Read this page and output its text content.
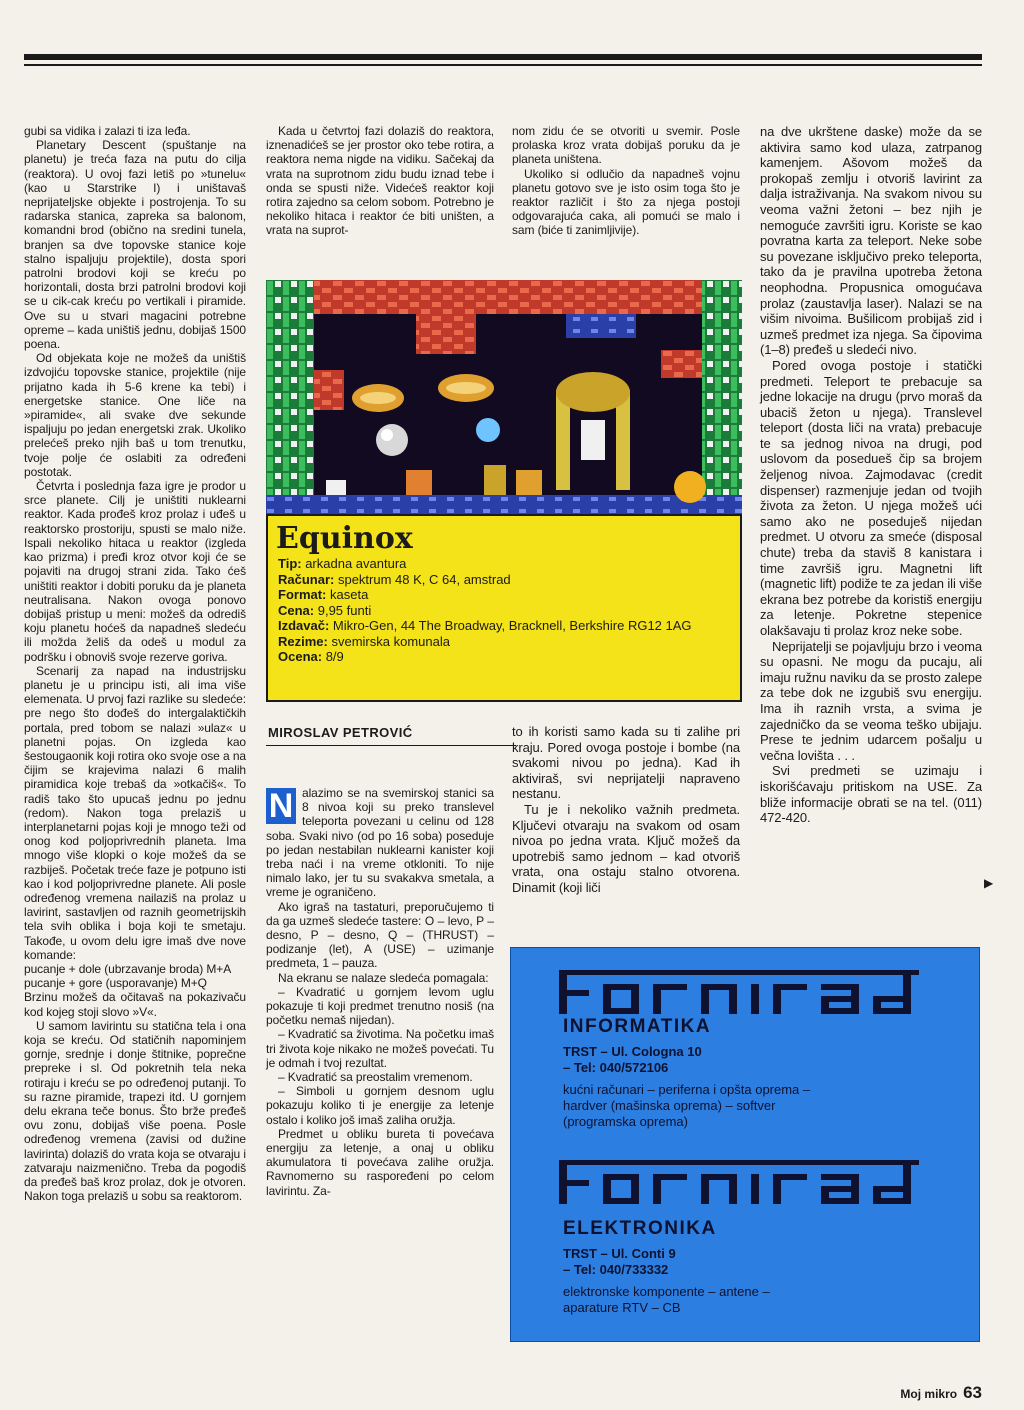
gubi sa vidika i zalazi ti iza leđa.

Planetary Descent (spuštanje na planetu) je treća faza na putu do cilja (reaktora). U ovoj fazi letiš po »tunelu« (kao u Starstrike I) i uništavaš neprijateljske objekte i postrojenja. To su radarska stanica, zapreka sa balonom, komandni brod (obično na sredini tunela, branjen sa dve topovske stanice koje stalno ispaljuju projektile), dosta spori patrolni brodovi koji se kreću po horizontali, dosta brzi patrolni brodovi koji se u cik-cak kreću po vertikali i piramide. Ove su u stvari magacini potrebne opreme – kada uništiš jednu, dobijaš 1500 poena.

Od objekata koje ne možeš da uništiš izdvojiću topovske stanice, projektile (nije prijatno kada ih 5-6 krene ka tebi) i energetske stanice. One liče na »piramide«, ali svake dve sekunde ispaljuju po jedan energetski zrak. Ukoliko prelećeš preko njih baš u tom trenutku, tvoje polje će oslabiti za određeni postotak.

Četvrta i poslednja faza igre je prodor u srce planete. Cilj je uništiti nuklearni reaktor. Kada prođeš kroz prolaz i uđeš u reaktorsko prostoriju, spusti se malo niže. Ispali nekoliko hitaca u reaktor (izgleda kao prizma) i pređi kroz otvor koji će se pojaviti na drugoj strani zida. Tako ćeš uništiti reaktor i dobiti poruku da je planeta neutralisana. Nakon ovoga ponovo dobijaš pristup u meni: možeš da odrediš koju planetu hoćeš da napadneš sledeću ili možda želiš da odeš u modul za podršku i obnoviš svoje rezerve goriva.

Scenarij za napad na industrijsku planetu je u principu isti, ali ima više elemenata. U prvoj fazi razlike su sledeće: pre nego što dođeš do intergalaktičkih portala, pred tobom se nalazi »ulaz« u planetni pojas. On izgleda kao šestougaonik koji rotira oko svoje ose a na čijim se krajevima nalazi 6 malih piramidica koje trebaš da »otkačiš«. To radiš tako što upucaš jednu po jednu (redom). Nakon toga prelaziš u interplanetarni pojas koji je mnogo teži od onog kod poljoprivrednih planeta. Ima mnogo više klopki o koje možeš da se razbiješ. Početak treće faze je potpuno isti kao i kod poljoprivredne planete. Ali posle određenog vremena nailaziš na prolaz u lavirint, sastavljen od raznih geometrijskih tela svih oblika i boja koji te smetaju. Takođe, u ovom delu igre imaš dve nove komande:

pucanje + dole (ubrzavanje broda) M+A

pucanje + gore (usporavanje) M+Q

Brzinu možeš da očitavaš na pokazivaču kod kojeg stoji slovo »V«.

U samom lavirintu su statična tela i ona koja se kreću. Od statičnih napominjem gornje, srednje i donje štitnike, poprečne prepreke i sl. Od pokretnih tela neka rotiraju i kreću se po određenoj putanji. To su razne piramide, trapezi itd. U gornjem delu ekrana teče bonus. Što brže pređeš ovu zonu, dobijaš više poena. Posle određenog vremena (zavisi od dužine lavirinta) dolaziš do vrata koja se otvaraju i zatvaraju naizmenično. Treba da pogodiš da pređeš baš kroz prolaz, dok je otvoren. Nakon toga prelaziš u sobu sa reaktorom.

Kada u četvrtoj fazi dolaziš do reaktora, iznenadićeš se jer prostor oko tebe rotira, a reaktora nema nigde na vidiku. Sačekaj da vrata na suprotnom zidu budu iznad tebe i onda se spusti niže. Videćeš reaktor koji rotira zajedno sa celom sobom. Potrebno je nekoliko hitaca i reaktor će biti uništen, a vrata na suprot-

nom zidu će se otvoriti u svemir. Posle prolaska kroz vrata dobijaš poruku da je planeta uništena.

Ukoliko si odlučio da napadneš vojnu planetu gotovo sve je isto osim toga što je reaktor različit i što za njega postoji odgovarajuća caka, ali pomući se malo i sam (biće ti zanimljivije).

na dve ukrštene daske) može da se aktivira samo kod ulaza, zatrpanog kamenjem. Ašovom možeš da prokopaš zemlju i otvoriš lavirint za dalja istraživanja. Na svakom nivou su veoma važni žetoni – bez njih je nemoguće završiti igru. Koriste se kao povratna karta za teleport. Neke sobe su povezane isključivo preko teleporta, tako da je pravilna upotreba žetona neophodna. Propusnica omogućava prolaz (zaustavlja laser). Nalazi se na višim nivoima. Bušilicom probijaš zid i uzmeš predmet iza njega. Sa čipovima (1–8) pređeš u sledeći nivo.

Pored ovoga postoje i statički predmeti. Teleport te prebacuje sa jedne lokacije na drugu (prvo moraš da ubaciš žeton u njega). Translevel teleport (dosta liči na vrata) prebacuje te sa jednog nivoa na drugi, pod uslovom da posedueš čip sa brojem željenog nivoa. Zajmodavac (credit dispenser) razmenjuje jedan od tvojih života za žeton. U njega možeš ući samo ako ne poseduješ nijedan predmet. U otvoru za smeće (disposal chute) treba da staviš 8 kanistara i time završiš igru. Magnetni lift (magnetic lift) podiže te za jedan ili više ekrana bez potrebe da koristiš energiju za letenje. Pokretne stepenice olakšavaju ti prolaz kroz neke sobe.

Neprijatelji se pojavljuju brzo i veoma su opasni. Ne mogu da pucaju, ali imaju ružnu naviku da se prosto zalepe za tebe dok ne izgubiš svu energiju. Ima ih raznih vrsta, a svima je zajedničko da se veoma teško ubijaju. Prese te jednim udarcem pošalju u večna lovišta . . .

Svi predmeti se uzimaju i iskorišćavaju pritiskom na USE. Za bliže informacije obrati se na tel. (011) 472-420.

Equinox
Tip: arkadna avantura
Računar: spektrum 48 K, C 64, amstrad
Format: kaseta
Cena: 9,95 funti
Izdavač: Mikro-Gen, 44 The Broadway, Bracknell, Berkshire RG12 1AG
Rezime: svemirska komunala
Ocena: 8/9
MIROSLAV PETROVIĆ

N alazimo se na svemirskoj stanici sa 8 nivoa koji su preko translevel teleporta povezani u celinu od 128 soba. Svaki nivo (od po 16 soba) poseduje po jedan nestabilan nuklearni kanister koji treba naći i na vreme otkloniti. To nije nimalo lako, jer tu su svakakva smetala, a vreme je ograničeno.

Ako igraš na tastaturi, preporučujemo ti da ga uzmeš sledeće tastere: O – levo, P – desno, P – desno, Q – (THRUST) – podizanje (let), A (USE) – uzimanje predmeta, 1 – pauza.

Na ekranu se nalaze sledeća pomagala:

– Kvadratić u gornjem levom uglu pokazuje ti koji predmet trenutno nosiš (na početku nemaš nijedan).

– Kvadratić sa životima. Na početku imaš tri života koje nikako ne možeš povećati. Tu je odmah i tvoj rezultat.

– Kvadratić sa preostalim vremenom.

– Simboli u gornjem desnom uglu pokazuju koliko ti je energije za letenje ostalo i koliko još imaš zaliha oružja.

Predmet u obliku bureta ti povećava energiju za letenje, a onaj u obliku akumulatora ti povećava zalihe oružja. Ravnomerno su raspoređeni po celom lavirintu. Za-

to ih koristi samo kada su ti zalihe pri kraju. Pored ovoga postoje i bombe (na svakomi nivou po jedna). Kad ih aktiviraš, svi neprijatelji napraveno nestanu.

Tu je i nekoliko važnih predmeta. Ključevi otvaraju na svakom od osam nivoa po jedna vrata. Ključ možeš da upotrebiš samo jednom – kad otvoriš vrata, ona ostaju stalno otvorena. Dinamit (koji liči	▶
INFORMATIKA
TRST – Ul. Cologna 10
– Tel: 040/572106
kućni računari – periferna i opšta oprema – hardver (mašinska oprema) – softver (programska oprema)
ELEKTRONIKA
TRST – Ul. Conti 9
– Tel: 040/733332
elektronske komponente – antene – aparature RTV – CB
Moj mikro 63
